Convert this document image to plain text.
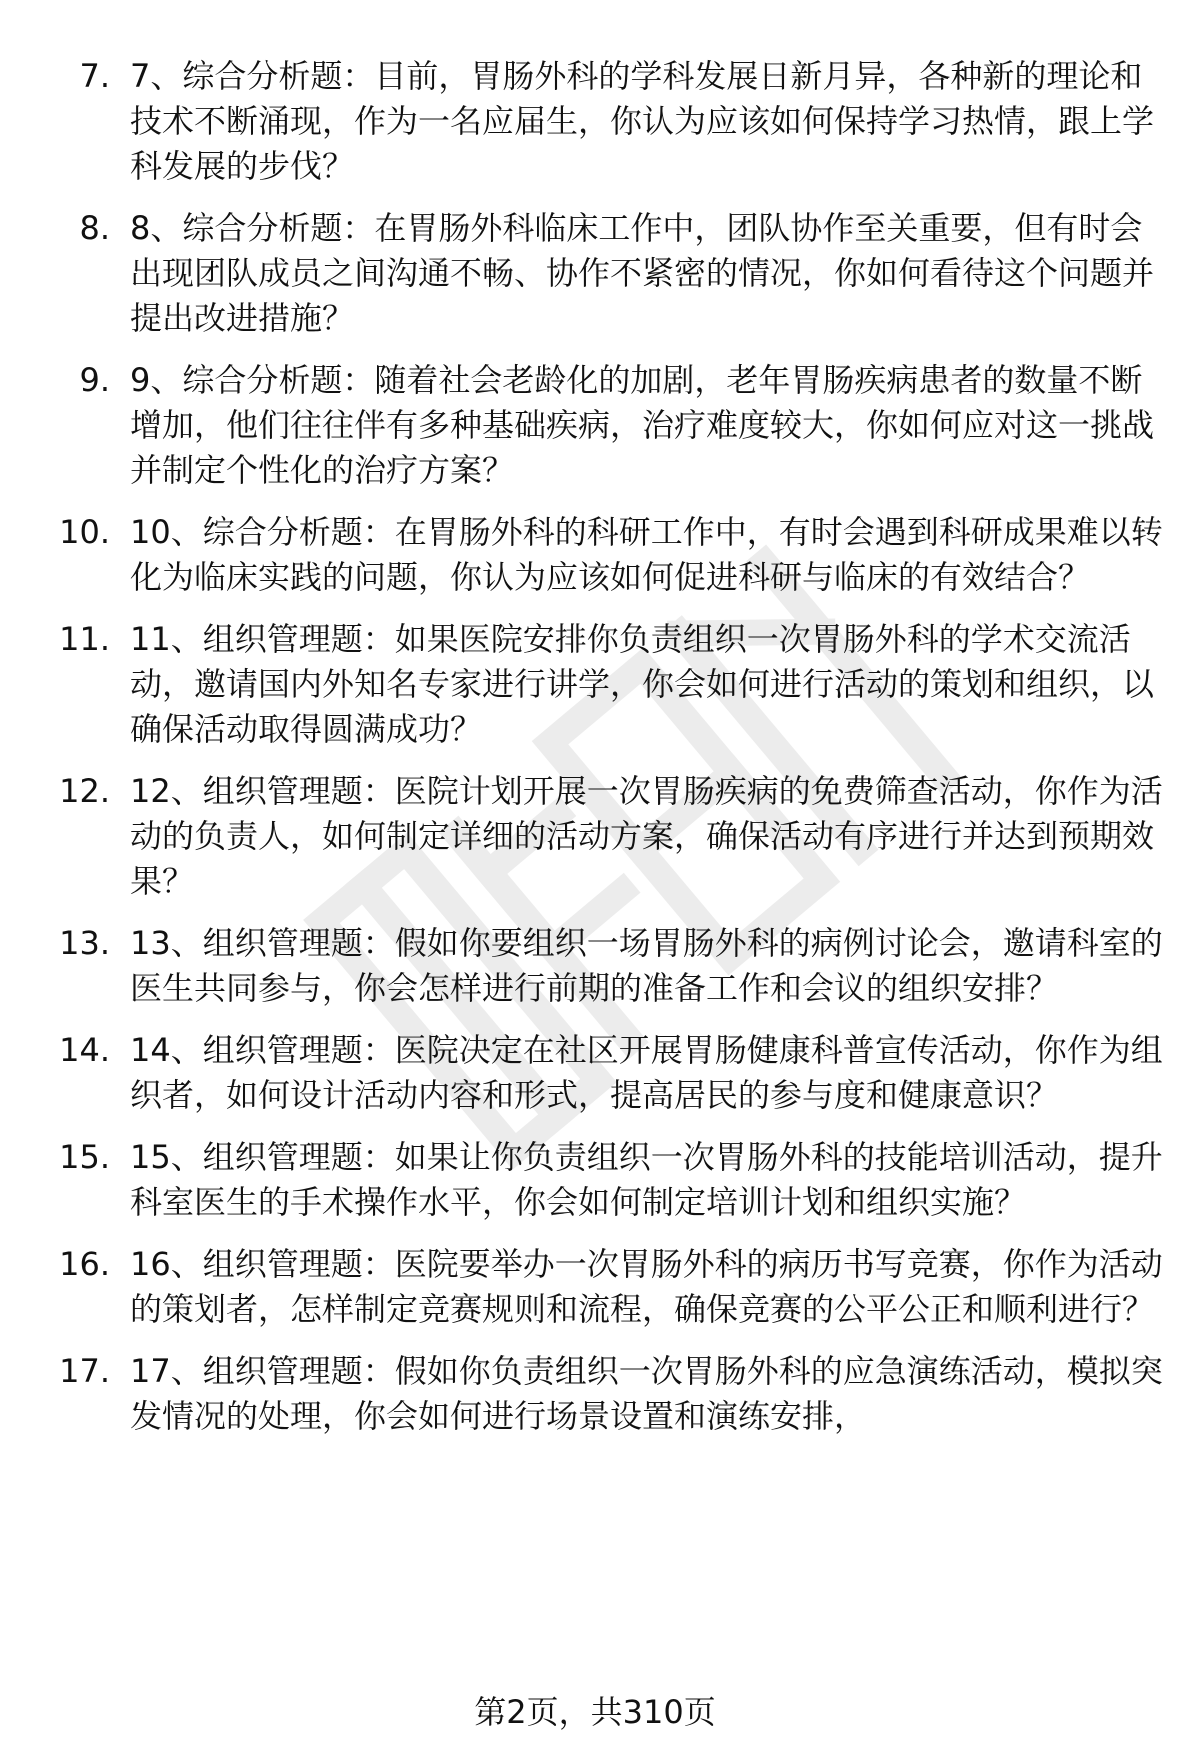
7. 7、综合分析题：目前，胃肠外科的学科发展日新月异，各种新的理论和技术不断涌现，作为一名应届生，你认为应该如何保持学习热情，跟上学科发展的步伐？
8. 8、综合分析题：在胃肠外科临床工作中，团队协作至关重要，但有时会出现团队成员之间沟通不畅、协作不紧密的情况，你如何看待这个问题并提出改进措施？
9. 9、综合分析题：随着社会老龄化的加剧，老年胃肠疾病患者的数量不断增加，他们往往伴有多种基础疾病，治疗难度较大，你如何应对这一挑战并制定个性化的治疗方案？
10. 10、综合分析题：在胃肠外科的科研工作中，有时会遇到科研成果难以转化为临床实践的问题，你认为应该如何促进科研与临床的有效结合？
11. 11、组织管理题：如果医院安排你负责组织一次胃肠外科的学术交流活动，邀请国内外知名专家进行讲学，你会如何进行活动的策划和组织，以确保活动取得圆满成功？
12. 12、组织管理题：医院计划开展一次胃肠疾病的免费筛查活动，你作为活动的负责人，如何制定详细的活动方案，确保活动有序进行并达到预期效果？
13. 13、组织管理题：假如你要组织一场胃肠外科的病例讨论会，邀请科室的医生共同参与，你会怎样进行前期的准备工作和会议的组织安排？
14. 14、组织管理题：医院决定在社区开展胃肠健康科普宣传活动，你作为组织者，如何设计活动内容和形式，提高居民的参与度和健康意识？
15. 15、组织管理题：如果让你负责组织一次胃肠外科的技能培训活动，提升科室医生的手术操作水平，你会如何制定培训计划和组织实施？
16. 16、组织管理题：医院要举办一次胃肠外科的病历书写竞赛，你作为活动的策划者，怎样制定竞赛规则和流程，确保竞赛的公平公正和顺利进行？
17. 17、组织管理题：假如你负责组织一次胃肠外科的应急演练活动，模拟突发情况的处理，你会如何进行场景设置和演练安排，
第2页，共310页
